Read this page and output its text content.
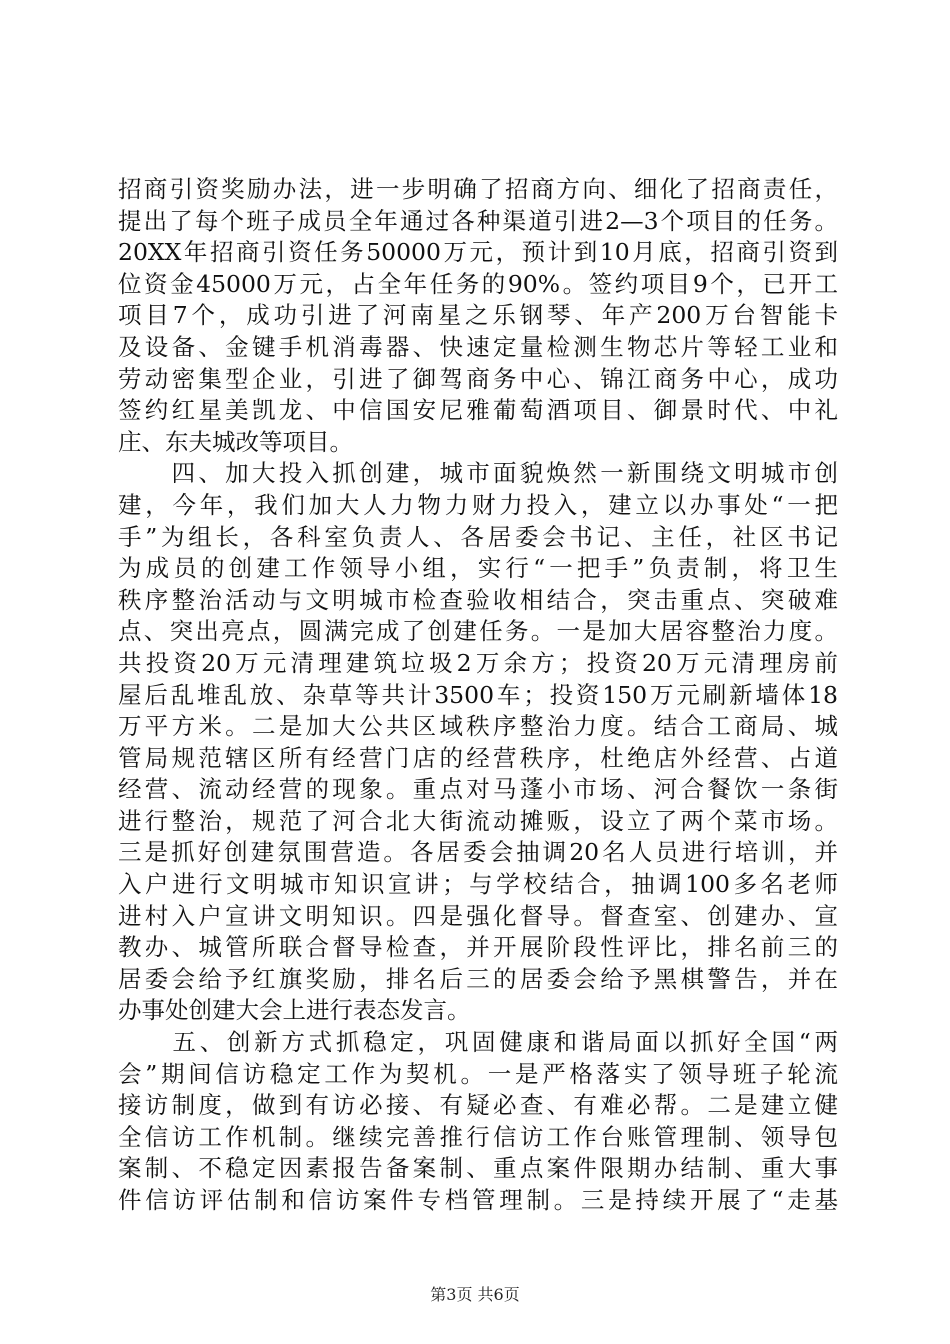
招商引资奖励办法，进一步明确了招商方向、细化了招商责任，
提出了每个班子成员全年通过各种渠道引进2—3个项目的任务。
20XX年招商引资任务50000万元，预计到10月底，招商引资到
位资金45000万元，占全年任务的90%。签约项目9个，已开工
项目7个，成功引进了河南星之乐钢琴、年产200万台智能卡
及设备、金键手机消毒器、快速定量检测生物芯片等轻工业和
劳动密集型企业，引进了御驾商务中心、锦江商务中心，成功
签约红星美凯龙、中信国安尼雅葡萄酒项目、御景时代、中礼
庄、东夫城改等项目。
　　四、加大投入抓创建，城市面貌焕然一新围绕文明城市创
建，今年，我们加大人力物力财力投入，建立以办事处“一把
手”为组长，各科室负责人、各居委会书记、主任，社区书记
为成员的创建工作领导小组，实行“一把手”负责制，将卫生
秩序整治活动与文明城市检查验收相结合，突击重点、突破难
点、突出亮点，圆满完成了创建任务。一是加大居容整治力度。
共投资20万元清理建筑垃圾2万余方；投资20万元清理房前
屋后乱堆乱放、杂草等共计3500车；投资150万元刷新墙体18
万平方米。二是加大公共区域秩序整治力度。结合工商局、城
管局规范辖区所有经营门店的经营秩序，杜绝店外经营、占道
经营、流动经营的现象。重点对马蓬小市场、河合餐饮一条街
进行整治，规范了河合北大街流动摊贩，设立了两个菜市场。
三是抓好创建氛围营造。各居委会抽调20名人员进行培训，并
入户进行文明城市知识宣讲；与学校结合，抽调100多名老师
进村入户宣讲文明知识。四是强化督导。督查室、创建办、宣
教办、城管所联合督导检查，并开展阶段性评比，排名前三的
居委会给予红旗奖励，排名后三的居委会给予黑棋警告，并在
办事处创建大会上进行表态发言。
　　五、创新方式抓稳定，巩固健康和谐局面以抓好全国“两
会”期间信访稳定工作为契机。一是严格落实了领导班子轮流
接访制度，做到有访必接、有疑必查、有难必帮。二是建立健
全信访工作机制。继续完善推行信访工作台账管理制、领导包
案制、不稳定因素报告备案制、重点案件限期办结制、重大事
件信访评估制和信访案件专档管理制。三是持续开展了“走基
第3页 共6页
